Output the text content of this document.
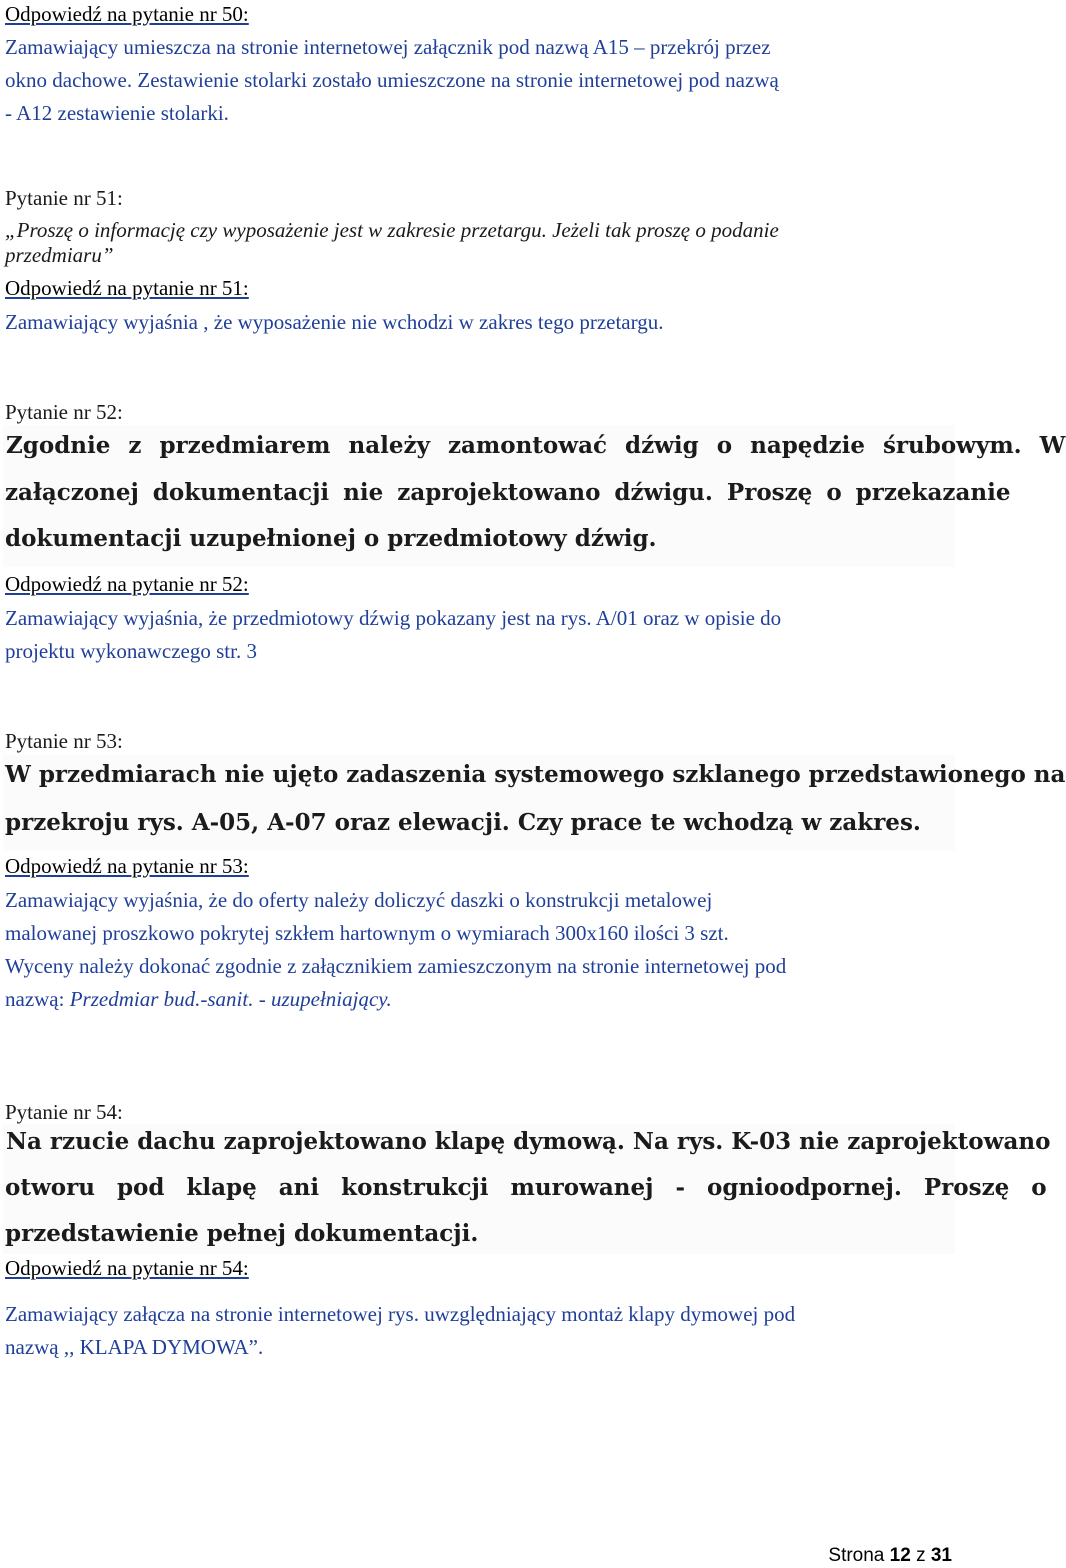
Odpowiedź na pytanie nr 50:
Zamawiający umieszcza na stronie internetowej załącznik pod nazwą A15 – przekrój przez
okno dachowe. Zestawienie stolarki zostało umieszczone na stronie internetowej pod nazwą
- A12 zestawienie stolarki.
Pytanie nr 51:
„Proszę o informację czy wyposażenie jest w zakresie przetargu. Jeżeli tak proszę o podanie
przedmiaru”
Odpowiedź na pytanie nr 51:
Zamawiający wyjaśnia , że wyposażenie nie wchodzi w zakres tego przetargu.
Pytanie nr 52:
Zgodnie z przedmiarem należy zamontować dźwig o napędzie śrubowym. W
załączonej dokumentacji nie zaprojektowano dźwigu. Proszę o przekazanie
dokumentacji uzupełnionej o przedmiotowy dźwig.
Odpowiedź na pytanie nr 52:
Zamawiający wyjaśnia, że przedmiotowy dźwig pokazany jest na rys. A/01 oraz w opisie do
projektu wykonawczego str. 3
Pytanie nr 53:
W przedmiarach nie ujęto zadaszenia systemowego szklanego przedstawionego na
przekroju rys. A-05, A-07 oraz elewacji. Czy prace te wchodzą w zakres.
Odpowiedź na pytanie nr 53:
Zamawiający wyjaśnia, że do oferty należy doliczyć daszki o konstrukcji metalowej
malowanej proszkowo pokrytej szkłem hartownym o wymiarach 300x160 ilości 3 szt.
Wyceny należy dokonać zgodnie z załącznikiem zamieszczonym na stronie internetowej pod
nazwą: Przedmiar bud.-sanit. - uzupełniający.
Pytanie nr 54:
Na rzucie dachu zaprojektowano klapę dymową. Na rys. K-03 nie zaprojektowano
otworu pod klapę ani konstrukcji murowanej - ognioodpornej. Proszę o
przedstawienie pełnej dokumentacji.
Odpowiedź na pytanie nr 54:
Zamawiający załącza na stronie internetowej rys. uwzględniający montaż klapy dymowej pod
nazwą ,, KLAPA DYMOWA”.
Strona 12 z 31
